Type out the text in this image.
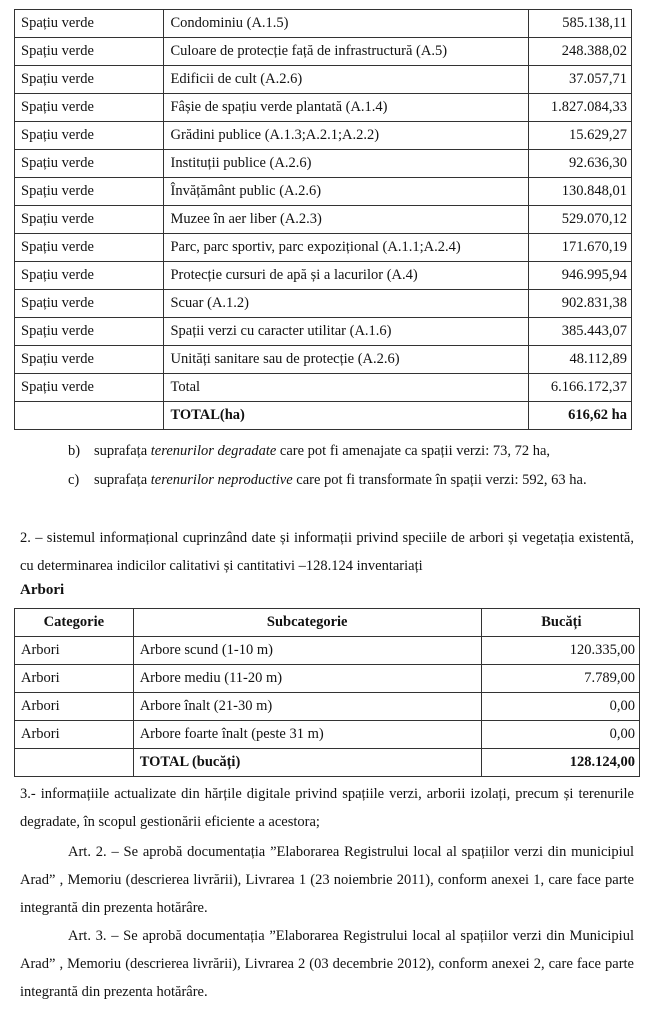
Spațiu verde	Condominiu (A.1.5)	585.138,11
Spațiu verde	Culoare de protecție față de infrastructură (A.5)	248.388,02
Spațiu verde	Edificii de cult (A.2.6)	37.057,71
Spațiu verde	Fâșie de spațiu verde plantată (A.1.4)	1.827.084,33
Spațiu verde	Grădini publice (A.1.3;A.2.1;A.2.2)	15.629,27
Spațiu verde	Instituții publice (A.2.6)	92.636,30
Spațiu verde	Învățământ public (A.2.6)	130.848,01
Spațiu verde	Muzee în aer liber (A.2.3)	529.070,12
Spațiu verde	Parc, parc sportiv, parc expozițional (A.1.1;A.2.4)	171.670,19
Spațiu verde	Protecție cursuri de apă și a lacurilor (A.4)	946.995,94
Spațiu verde	Scuar (A.1.2)	902.831,38
Spațiu verde	Spații verzi cu caracter utilitar (A.1.6)	385.443,07
Spațiu verde	Unități sanitare sau de protecție (A.2.6)	48.112,89
Spațiu verde	Total	6.166.172,37
	TOTAL(ha)	616,62 ha

b) suprafața terenurilor degradate care pot fi amenajate ca spații verzi: 73, 72 ha,

c)	suprafața terenurilor neproductive care pot fi transformate în spații verzi: 592, 63 ha.

2. – sistemul informațional cuprinzând date și informații privind speciile de arbori și vegetația existentă, cu determinarea indicilor calitativi și cantitativi –128.124 inventariați

Arbori
Categorie	Subcategorie	Bucăți
Arbori	Arbore scund (1-10 m)	120.335,00
Arbori	Arbore mediu (11-20 m)	7.789,00
Arbori	Arbore înalt (21-30 m)	0,00
Arbori	Arbore foarte înalt (peste 31 m)	0,00
	TOTAL (bucăți)	128.124,00

3.- informațiile actualizate din hărțile digitale privind spațiile verzi, arborii izolați, precum și terenurile degradate, în scopul gestionării eficiente a acestora;

Art. 2. – Se aprobă documentația ”Elaborarea Registrului local al spațiilor verzi din municipiul Arad” , Memoriu (descrierea livrării), Livrarea 1 (23 noiembrie 2011), conform anexei 1, care face parte integrantă din prezenta hotărâre.

Art. 3. – Se aprobă documentația ”Elaborarea Registrului local al spațiilor verzi din Municipiul Arad” , Memoriu (descrierea livrării), Livrarea 2 (03 decembrie 2012), conform anexei 2, care face parte integrantă din prezenta hotărâre.
